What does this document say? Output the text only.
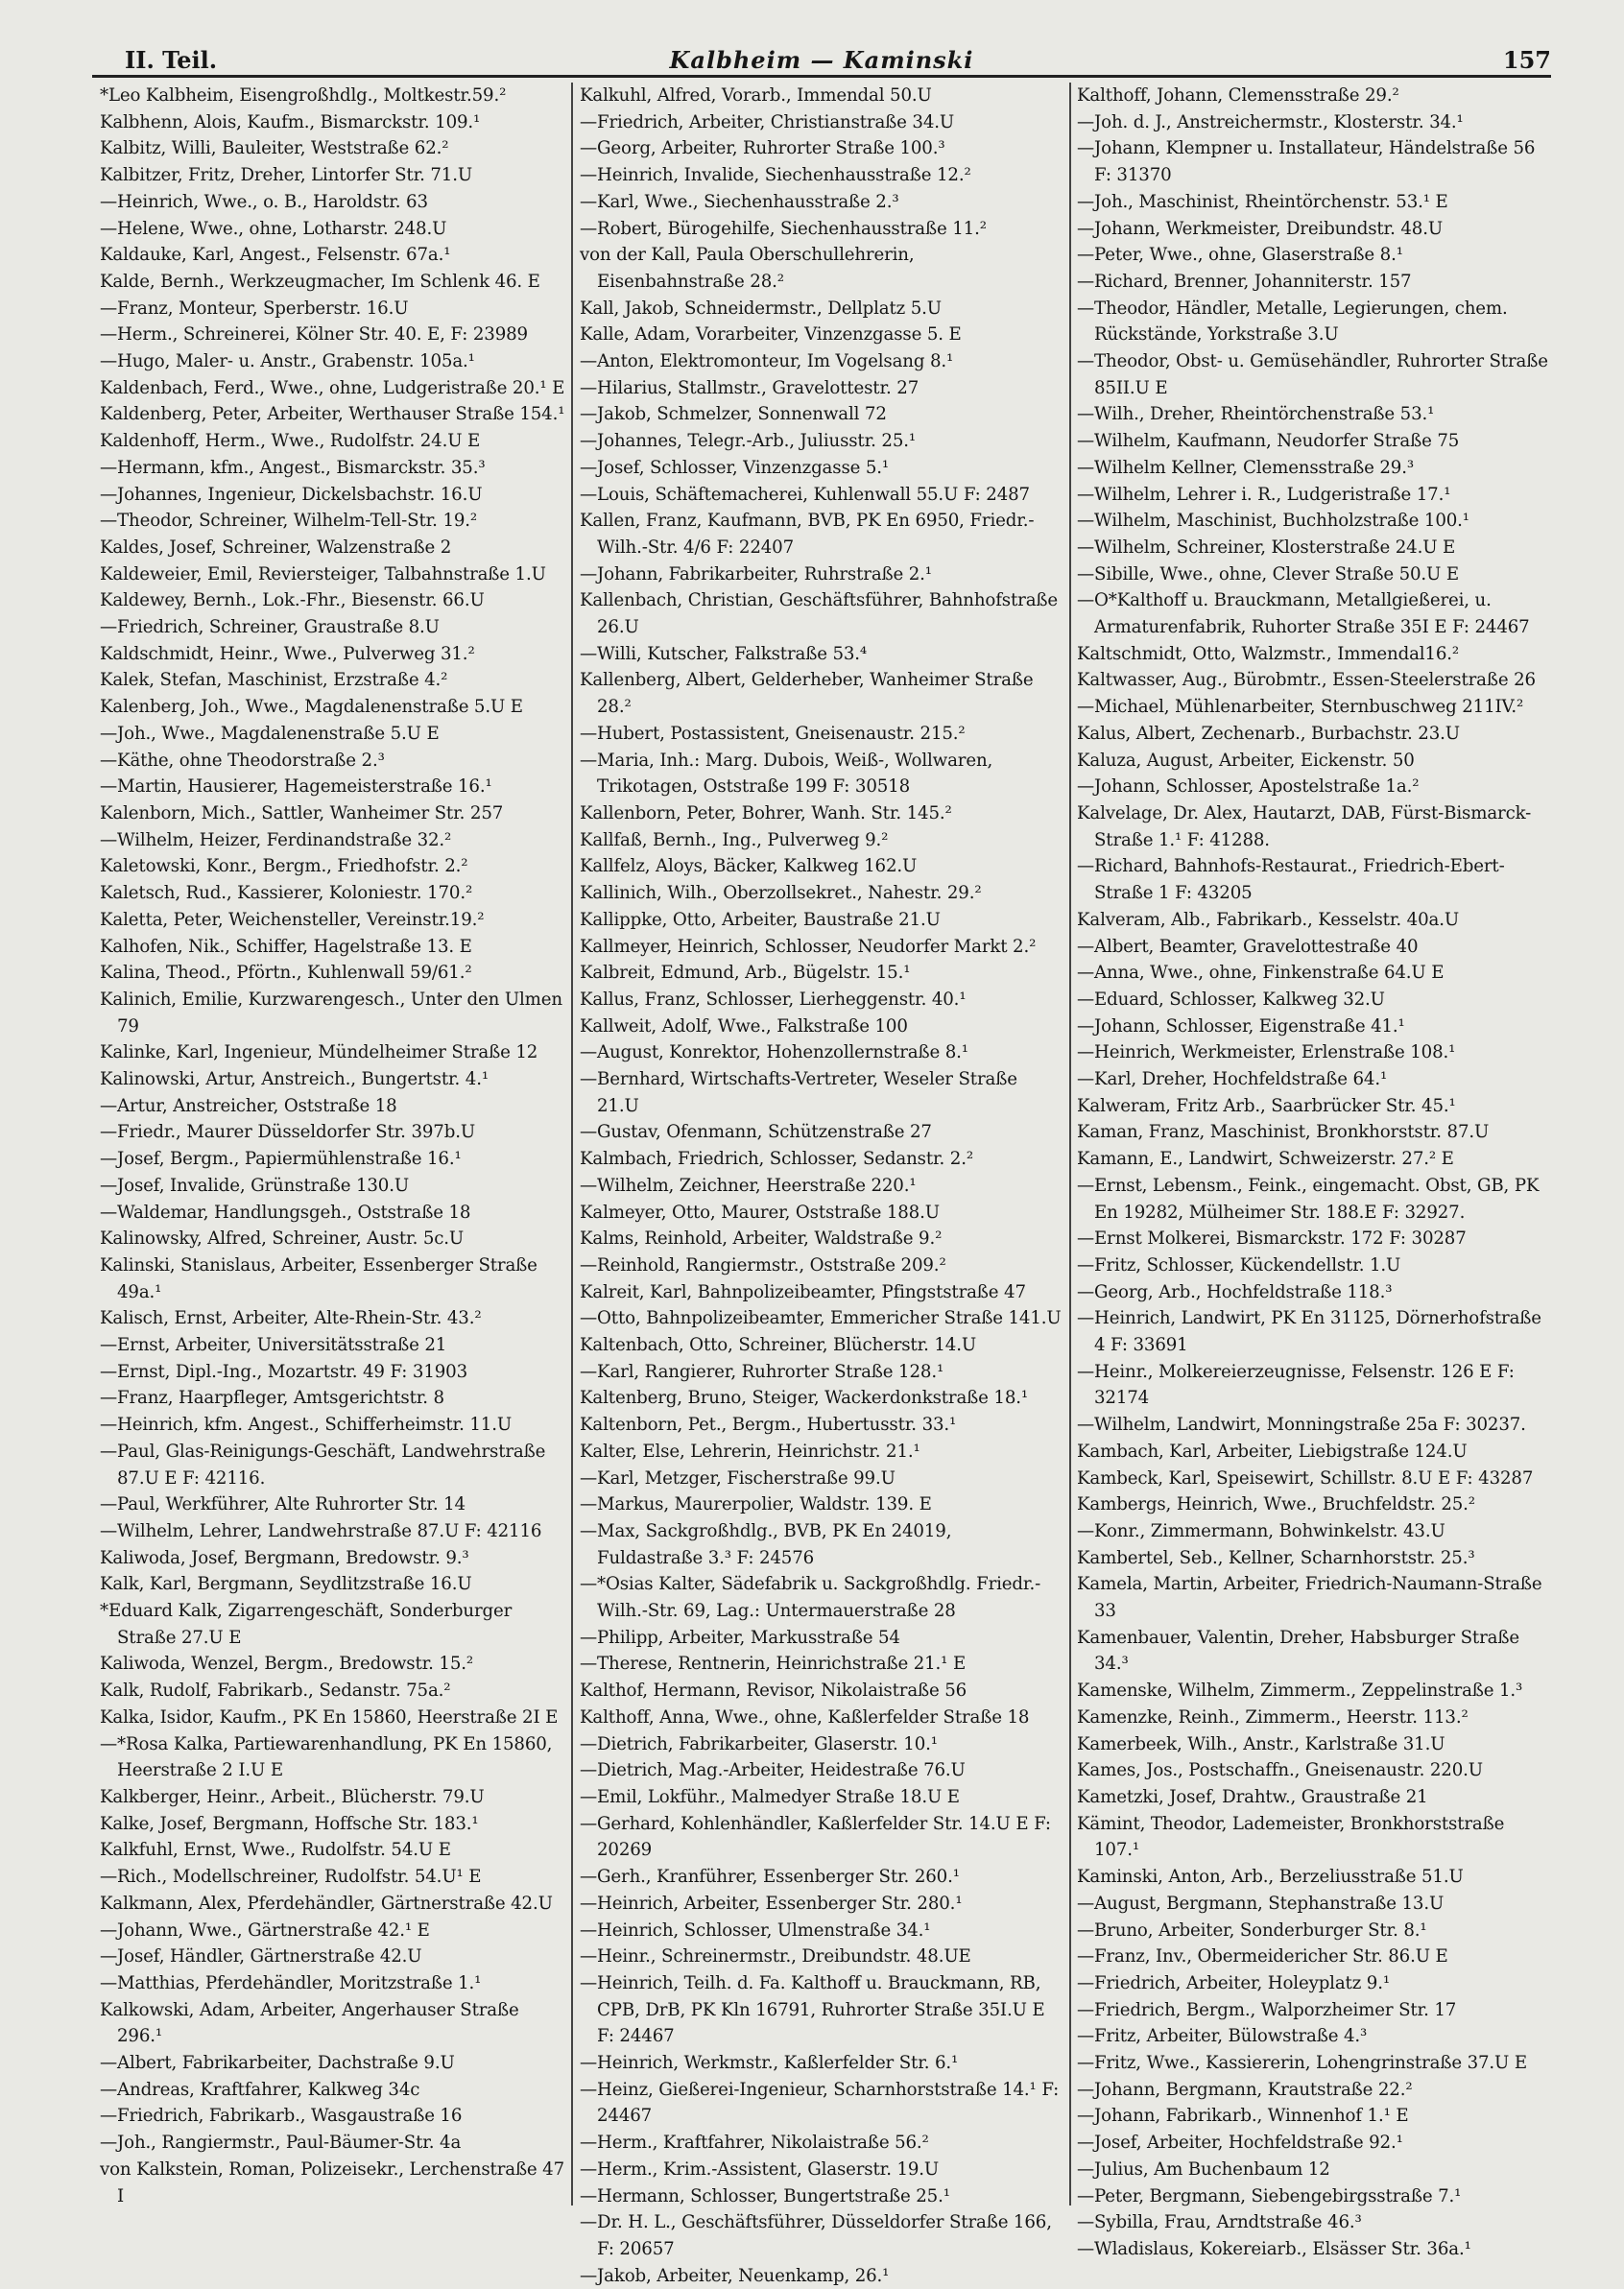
II. Teil.	Kalbheim — Kaminski	157

*Leo Kalbheim, Eisengroßhdlg., Moltkestr.59.²

Kalbhenn, Alois, Kaufm., Bismarckstr. 109.¹

Kalbitz, Willi, Bauleiter, Weststraße 62.²

Kalbitzer, Fritz, Dreher, Lintorfer Str. 71.U

—Heinrich, Wwe., o. B., Haroldstr. 63

—Helene, Wwe., ohne, Lotharstr. 248.U

Kaldauke, Karl, Angest., Felsenstr. 67a.¹

Kalde, Bernh., Werkzeugmacher, Im Schlenk 46. E

—Franz, Monteur, Sperberstr. 16.U

—Herm., Schreinerei, Kölner Str. 40. E, F: 23989

—Hugo, Maler- u. Anstr., Grabenstr. 105a.¹

Kaldenbach, Ferd., Wwe., ohne, Ludgeristraße 20.¹ E

Kaldenberg, Peter, Arbeiter, Werthauser Straße 154.¹

Kaldenhoff, Herm., Wwe., Rudolfstr. 24.U E

—Hermann, kfm., Angest., Bismarckstr. 35.³

—Johannes, Ingenieur, Dickelsbachstr. 16.U

—Theodor, Schreiner, Wilhelm-Tell-Str. 19.²

Kaldes, Josef, Schreiner, Walzenstraße 2

Kaldeweier, Emil, Reviersteiger, Talbahnstraße 1.U

Kaldewey, Bernh., Lok.-Fhr., Biesenstr. 66.U

—Friedrich, Schreiner, Graustraße 8.U

Kaldschmidt, Heinr., Wwe., Pulverweg 31.²

Kalek, Stefan, Maschinist, Erzstraße 4.²

Kalenberg, Joh., Wwe., Magdalenenstraße 5.U E

—Joh., Wwe., Magdalenenstraße 5.U E

—Käthe, ohne Theodorstraße 2.³

—Martin, Hausierer, Hagemeisterstraße 16.¹

Kalenborn, Mich., Sattler, Wanheimer Str. 257

—Wilhelm, Heizer, Ferdinandstraße 32.²

Kaletowski, Konr., Bergm., Friedhofstr. 2.²

Kaletsch, Rud., Kassierer, Koloniestr. 170.²

Kaletta, Peter, Weichensteller, Vereinstr.19.²

Kalhofen, Nik., Schiffer, Hagelstraße 13. E

Kalina, Theod., Pförtn., Kuhlenwall 59/61.²

Kalinich, Emilie, Kurzwarengesch., Unter den Ulmen 79

Kalinke, Karl, Ingenieur, Mündelheimer Straße 12

Kalinowski, Artur, Anstreich., Bungertstr. 4.¹

—Artur, Anstreicher, Oststraße 18

—Friedr., Maurer Düsseldorfer Str. 397b.U

—Josef, Bergm., Papiermühlenstraße 16.¹

—Josef, Invalide, Grünstraße 130.U

—Waldemar, Handlungsgeh., Oststraße 18

Kalinowsky, Alfred, Schreiner, Austr. 5c.U

Kalinski, Stanislaus, Arbeiter, Essenberger Straße 49a.¹

Kalisch, Ernst, Arbeiter, Alte-Rhein-Str. 43.²

—Ernst, Arbeiter, Universitätsstraße 21

—Ernst, Dipl.-Ing., Mozartstr. 49 F: 31903

—Franz, Haarpfleger, Amtsgerichtstr. 8

—Heinrich, kfm. Angest., Schifferheimstr. 11.U

—Paul, Glas-Reinigungs-Geschäft, Landwehrstraße 87.U E F: 42116.

—Paul, Werkführer, Alte Ruhrorter Str. 14

—Wilhelm, Lehrer, Landwehrstraße 87.U F: 42116

Kaliwoda, Josef, Bergmann, Bredowstr. 9.³

Kalk, Karl, Bergmann, Seydlitzstraße 16.U

*Eduard Kalk, Zigarrengeschäft, Sonderburger Straße 27.U E

Kaliwoda, Wenzel, Bergm., Bredowstr. 15.²

Kalk, Rudolf, Fabrikarb., Sedanstr. 75a.²

Kalka, Isidor, Kaufm., PK En 15860, Heerstraße 2I E

—*Rosa Kalka, Partiewarenhandlung, PK En 15860, Heerstraße 2 I.U E

Kalkberger, Heinr., Arbeit., Blücherstr. 79.U

Kalke, Josef, Bergmann, Hoffsche Str. 183.¹

Kalkfuhl, Ernst, Wwe., Rudolfstr. 54.U E

—Rich., Modellschreiner, Rudolfstr. 54.U¹ E

Kalkmann, Alex, Pferdehändler, Gärtnerstraße 42.U

—Johann, Wwe., Gärtnerstraße 42.¹ E

—Josef, Händler, Gärtnerstraße 42.U

—Matthias, Pferdehändler, Moritzstraße 1.¹

Kalkowski, Adam, Arbeiter, Angerhauser Straße 296.¹

—Albert, Fabrikarbeiter, Dachstraße 9.U

—Andreas, Kraftfahrer, Kalkweg 34c

—Friedrich, Fabrikarb., Wasgaustraße 16

—Joh., Rangiermstr., Paul-Bäumer-Str. 4a

von Kalkstein, Roman, Polizeisekr., Lerchenstraße 47 I

Kalkuhl, Alfred, Vorarb., Immendal 50.U

—Friedrich, Arbeiter, Christianstraße 34.U

—Georg, Arbeiter, Ruhrorter Straße 100.³

—Heinrich, Invalide, Siechenhausstraße 12.²

—Karl, Wwe., Siechenhausstraße 2.³

—Robert, Bürogehilfe, Siechenhausstraße 11.²

von der Kall, Paula Oberschullehrerin, Eisenbahnstraße 28.²

Kall, Jakob, Schneidermstr., Dellplatz 5.U

Kalle, Adam, Vorarbeiter, Vinzenzgasse 5. E

—Anton, Elektromonteur, Im Vogelsang 8.¹

—Hilarius, Stallmstr., Gravelottestr. 27

—Jakob, Schmelzer, Sonnenwall 72

—Johannes, Telegr.-Arb., Juliusstr. 25.¹

—Josef, Schlosser, Vinzenzgasse 5.¹

—Louis, Schäftemacherei, Kuhlenwall 55.U F: 2487

Kallen, Franz, Kaufmann, BVB, PK En 6950, Friedr.-Wilh.-Str. 4/6 F: 22407

—Johann, Fabrikarbeiter, Ruhrstraße 2.¹

Kallenbach, Christian, Geschäftsführer, Bahnhofstraße 26.U

—Willi, Kutscher, Falkstraße 53.⁴

Kallenberg, Albert, Gelderheber, Wanheimer Straße 28.²

—Hubert, Postassistent, Gneisenaustr. 215.²

—Maria, Inh.: Marg. Dubois, Weiß-, Wollwaren, Trikotagen, Oststraße 199 F: 30518

Kallenborn, Peter, Bohrer, Wanh. Str. 145.²

Kallfaß, Bernh., Ing., Pulverweg 9.²

Kallfelz, Aloys, Bäcker, Kalkweg 162.U

Kallinich, Wilh., Oberzollsekret., Nahestr. 29.²

Kallippke, Otto, Arbeiter, Baustraße 21.U

Kallmeyer, Heinrich, Schlosser, Neudorfer Markt 2.²

Kalbreit, Edmund, Arb., Bügelstr. 15.¹

Kallus, Franz, Schlosser, Lierheggenstr. 40.¹

Kallweit, Adolf, Wwe., Falkstraße 100

—August, Konrektor, Hohenzollernstraße 8.¹

—Bernhard, Wirtschafts-Vertreter, Weseler Straße 21.U

—Gustav, Ofenmann, Schützenstraße 27

Kalmbach, Friedrich, Schlosser, Sedanstr. 2.²

—Wilhelm, Zeichner, Heerstraße 220.¹

Kalmeyer, Otto, Maurer, Oststraße 188.U

Kalms, Reinhold, Arbeiter, Waldstraße 9.²

—Reinhold, Rangiermstr., Oststraße 209.²

Kalreit, Karl, Bahnpolizeibeamter, Pfingststraße 47

—Otto, Bahnpolizeibeamter, Emmericher Straße 141.U

Kaltenbach, Otto, Schreiner, Blücherstr. 14.U

—Karl, Rangierer, Ruhrorter Straße 128.¹

Kaltenberg, Bruno, Steiger, Wackerdonkstraße 18.¹

Kaltenborn, Pet., Bergm., Hubertusstr. 33.¹

Kalter, Else, Lehrerin, Heinrichstr. 21.¹

—Karl, Metzger, Fischerstraße 99.U

—Markus, Maurerpolier, Waldstr. 139. E

—Max, Sackgroßhdlg., BVB, PK En 24019, Fuldastraße 3.³ F: 24576

—*Osias Kalter, Sädefabrik u. Sackgroßhdlg. Friedr.-Wilh.-Str. 69, Lag.: Untermauerstraße 28

—Philipp, Arbeiter, Markusstraße 54

—Therese, Rentnerin, Heinrichstraße 21.¹ E

Kalthof, Hermann, Revisor, Nikolaistraße 56

Kalthoff, Anna, Wwe., ohne, Kaßlerfelder Straße 18

—Dietrich, Fabrikarbeiter, Glaserstr. 10.¹

—Dietrich, Mag.-Arbeiter, Heidestraße 76.U

—Emil, Lokführ., Malmedyer Straße 18.U E

—Gerhard, Kohlenhändler, Kaßlerfelder Str. 14.U E F: 20269

—Gerh., Kranführer, Essenberger Str. 260.¹

—Heinrich, Arbeiter, Essenberger Str. 280.¹

—Heinrich, Schlosser, Ulmenstraße 34.¹

—Heinr., Schreinermstr., Dreibundstr. 48.UE

—Heinrich, Teilh. d. Fa. Kalthoff u. Brauckmann, RB, CPB, DrB, PK Kln 16791, Ruhrorter Straße 35I.U E F: 24467

—Heinrich, Werkmstr., Kaßlerfelder Str. 6.¹

—Heinz, Gießerei-Ingenieur, Scharnhorststraße 14.¹ F: 24467

—Herm., Kraftfahrer, Nikolaistraße 56.²

—Herm., Krim.-Assistent, Glaserstr. 19.U

—Hermann, Schlosser, Bungertstraße 25.¹

—Dr. H. L., Geschäftsführer, Düsseldorfer Straße 166, F: 20657

—Jakob, Arbeiter, Neuenkamp, 26.¹

Kalthoff, Johann, Clemensstraße 29.²

—Joh. d. J., Anstreichermstr., Klosterstr. 34.¹

—Johann, Klempner u. Installateur, Händelstraße 56 F: 31370

—Joh., Maschinist, Rheintörchenstr. 53.¹ E

—Johann, Werkmeister, Dreibundstr. 48.U

—Peter, Wwe., ohne, Glaserstraße 8.¹

—Richard, Brenner, Johanniterstr. 157

—Theodor, Händler, Metalle, Legierungen, chem. Rückstände, Yorkstraße 3.U

—Theodor, Obst- u. Gemüsehändler, Ruhrorter Straße 85II.U E

—Wilh., Dreher, Rheintörchenstraße 53.¹

—Wilhelm, Kaufmann, Neudorfer Straße 75

—Wilhelm Kellner, Clemensstraße 29.³

—Wilhelm, Lehrer i. R., Ludgeristraße 17.¹

—Wilhelm, Maschinist, Buchholzstraße 100.¹

—Wilhelm, Schreiner, Klosterstraße 24.U E

—Sibille, Wwe., ohne, Clever Straße 50.U E

—O*Kalthoff u. Brauckmann, Metallgießerei, u. Armaturenfabrik, Ruhorter Straße 35I E F: 24467

Kaltschmidt, Otto, Walzmstr., Immendal16.²

Kaltwasser, Aug., Bürobmtr., Essen-Steelerstraße 26

—Michael, Mühlenarbeiter, Sternbuschweg 211IV.²

Kalus, Albert, Zechenarb., Burbachstr. 23.U

Kaluza, August, Arbeiter, Eickenstr. 50

—Johann, Schlosser, Apostelstraße 1a.²

Kalvelage, Dr. Alex, Hautarzt, DAB, Fürst-Bismarck-Straße 1.¹ F: 41288.

—Richard, Bahnhofs-Restaurat., Friedrich-Ebert-Straße 1 F: 43205

Kalveram, Alb., Fabrikarb., Kesselstr. 40a.U

—Albert, Beamter, Gravelottestraße 40

—Anna, Wwe., ohne, Finkenstraße 64.U E

—Eduard, Schlosser, Kalkweg 32.U

—Johann, Schlosser, Eigenstraße 41.¹

—Heinrich, Werkmeister, Erlenstraße 108.¹

—Karl, Dreher, Hochfeldstraße 64.¹

Kalweram, Fritz Arb., Saarbrücker Str. 45.¹

Kaman, Franz, Maschinist, Bronkhorststr. 87.U

Kamann, E., Landwirt, Schweizerstr. 27.² E

—Ernst, Lebensm., Feink., eingemacht. Obst, GB, PK En 19282, Mülheimer Str. 188.E F: 32927.

—Ernst Molkerei, Bismarckstr. 172 F: 30287

—Fritz, Schlosser, Kückendellstr. 1.U

—Georg, Arb., Hochfeldstraße 118.³

—Heinrich, Landwirt, PK En 31125, Dörnerhofstraße 4 F: 33691

—Heinr., Molkereierzeugnisse, Felsenstr. 126 E F: 32174

—Wilhelm, Landwirt, Monningstraße 25a F: 30237.

Kambach, Karl, Arbeiter, Liebigstraße 124.U

Kambeck, Karl, Speisewirt, Schillstr. 8.U E F: 43287

Kambergs, Heinrich, Wwe., Bruchfeldstr. 25.²

—Konr., Zimmermann, Bohwinkelstr. 43.U

Kambertel, Seb., Kellner, Scharnhorststr. 25.³

Kamela, Martin, Arbeiter, Friedrich-Naumann-Straße 33

Kamenbauer, Valentin, Dreher, Habsburger Straße 34.³

Kamenske, Wilhelm, Zimmerm., Zeppelinstraße 1.³

Kamenzke, Reinh., Zimmerm., Heerstr. 113.²

Kamerbeek, Wilh., Anstr., Karlstraße 31.U

Kames, Jos., Postschaffn., Gneisenaustr. 220.U

Kametzki, Josef, Drahtw., Graustraße 21

Kämint, Theodor, Lademeister, Bronkhorststraße 107.¹

Kaminski, Anton, Arb., Berzeliusstraße 51.U

—August, Bergmann, Stephanstraße 13.U

—Bruno, Arbeiter, Sonderburger Str. 8.¹

—Franz, Inv., Obermeidericher Str. 86.U E

—Friedrich, Arbeiter, Holeyplatz 9.¹

—Friedrich, Bergm., Walporzheimer Str. 17

—Fritz, Arbeiter, Bülowstraße 4.³

—Fritz, Wwe., Kassiererin, Lohengrinstraße 37.U E

—Johann, Bergmann, Krautstraße 22.²

—Johann, Fabrikarb., Winnenhof 1.¹ E

—Josef, Arbeiter, Hochfeldstraße 92.¹

—Julius, Am Buchenbaum 12

—Peter, Bergmann, Siebengebirgsstraße 7.¹

—Sybilla, Frau, Arndtstraße 46.³

—Wladislaus, Kokereiarb., Elsässer Str. 36a.¹
